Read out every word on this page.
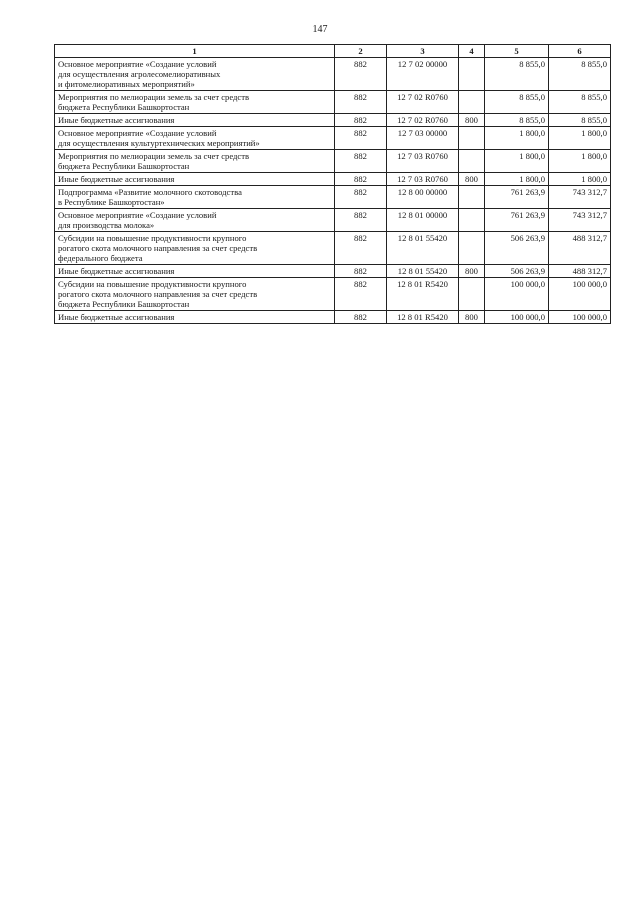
147
1	2	3	4	5	6
Основное мероприятие «Создание условий
для осуществления агролесомелиоративных
и фитомелиоративных мероприятий»	882	12 7 02 00000		8 855,0	8 855,0
Мероприятия по мелиорации земель за счет средств
бюджета Республики Башкортостан	882	12 7 02 R0760		8 855,0	8 855,0
Иные бюджетные ассигнования	882	12 7 02 R0760	800	8 855,0	8 855,0
Основное мероприятие «Создание условий
для осуществления культуртехнических мероприятий»	882	12 7 03 00000		1 800,0	1 800,0
Мероприятия по мелиорации земель за счет средств
бюджета Республики Башкортостан	882	12 7 03 R0760		1 800,0	1 800,0
Иные бюджетные ассигнования	882	12 7 03 R0760	800	1 800,0	1 800,0
Подпрограмма «Развитие молочного скотоводства
в Республике Башкортостан»	882	12 8 00 00000		761 263,9	743 312,7
Основное мероприятие «Создание условий
для производства молока»	882	12 8 01 00000		761 263,9	743 312,7
Субсидии на повышение продуктивности крупного
рогатого скота молочного направления за счет средств
федерального бюджета	882	12 8 01 55420		506 263,9	488 312,7
Иные бюджетные ассигнования	882	12 8 01 55420	800	506 263,9	488 312,7
Субсидии на повышение продуктивности крупного
рогатого скота молочного направления за счет средств
бюджета Республики Башкортостан	882	12 8 01 R5420		100 000,0	100 000,0
Иные бюджетные ассигнования	882	12 8 01 R5420	800	100 000,0	100 000,0
